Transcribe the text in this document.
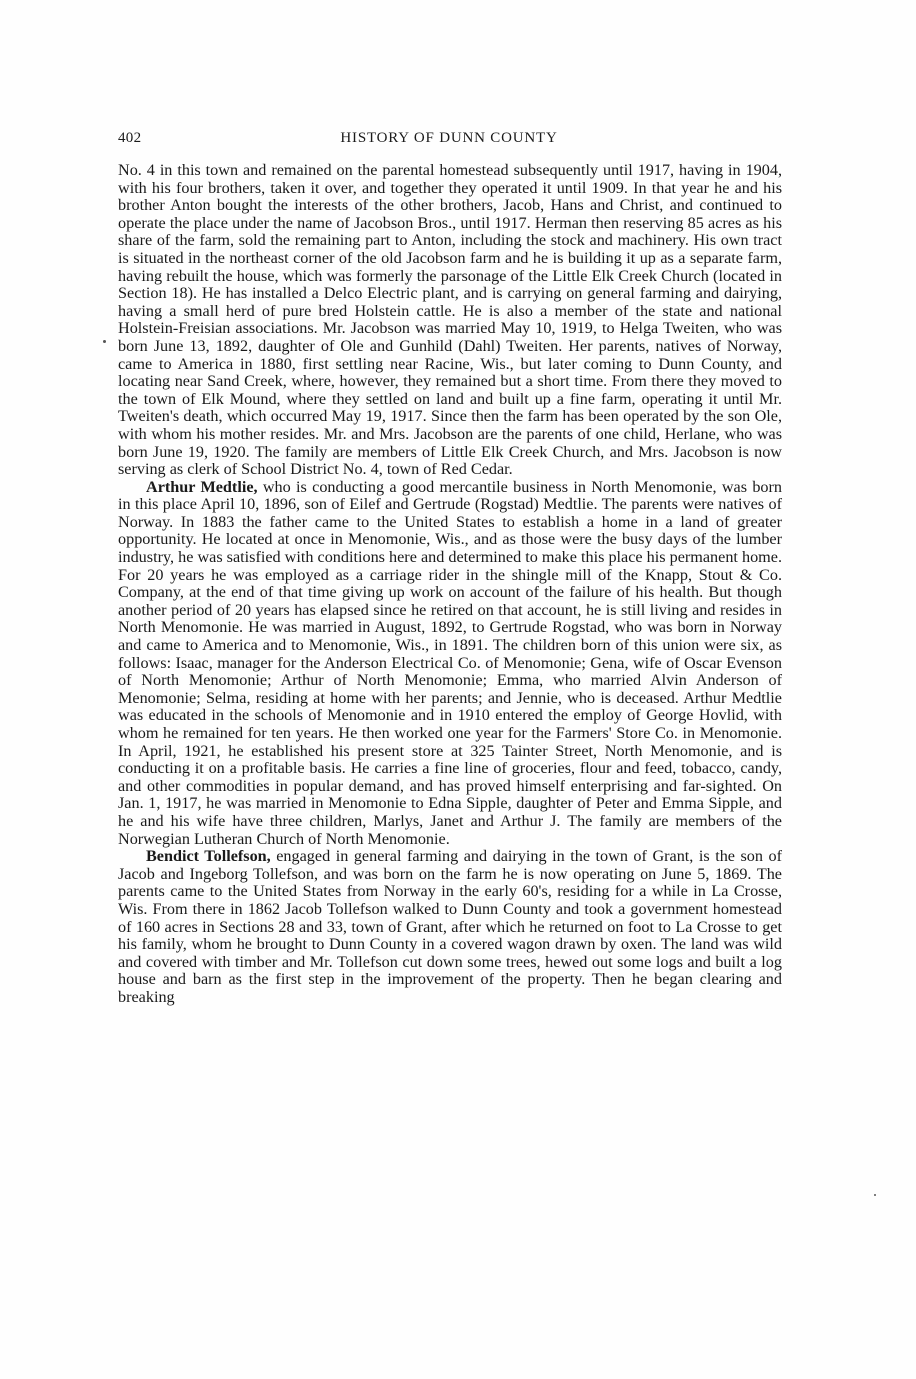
402	HISTORY OF DUNN COUNTY

No. 4 in this town and remained on the parental homestead subsequently until 1917, having in 1904, with his four brothers, taken it over, and together they operated it until 1909. In that year he and his brother Anton bought the interests of the other brothers, Jacob, Hans and Christ, and continued to operate the place under the name of Jacobson Bros., until 1917. Herman then reserving 85 acres as his share of the farm, sold the remaining part to Anton, including the stock and machinery. His own tract is situated in the northeast corner of the old Jacobson farm and he is building it up as a separate farm, having rebuilt the house, which was formerly the parsonage of the Little Elk Creek Church (located in Section 18). He has installed a Delco Electric plant, and is carrying on general farming and dairying, having a small herd of pure bred Holstein cattle. He is also a member of the state and national Holstein-Freisian associations. Mr. Jacobson was married May 10, 1919, to Helga Tweiten, who was born June 13, 1892, daughter of Ole and Gunhild (Dahl) Tweiten. Her parents, natives of Norway, came to America in 1880, first settling near Racine, Wis., but later coming to Dunn County, and locating near Sand Creek, where, however, they remained but a short time. From there they moved to the town of Elk Mound, where they settled on land and built up a fine farm, operating it until Mr. Tweiten's death, which occurred May 19, 1917. Since then the farm has been operated by the son Ole, with whom his mother resides. Mr. and Mrs. Jacobson are the parents of one child, Herlane, who was born June 19, 1920. The family are members of Little Elk Creek Church, and Mrs. Jacobson is now serving as clerk of School District No. 4, town of Red Cedar.

Arthur Medtlie, who is conducting a good mercantile business in North Menomonie, was born in this place April 10, 1896, son of Eilef and Gertrude (Rogstad) Medtlie. The parents were natives of Norway. In 1883 the father came to the United States to establish a home in a land of greater opportunity. He located at once in Menomonie, Wis., and as those were the busy days of the lumber industry, he was satisfied with conditions here and determined to make this place his permanent home. For 20 years he was employed as a carriage rider in the shingle mill of the Knapp, Stout & Co. Company, at the end of that time giving up work on account of the failure of his health. But though another period of 20 years has elapsed since he retired on that account, he is still living and resides in North Menomonie. He was married in August, 1892, to Gertrude Rogstad, who was born in Norway and came to America and to Menomonie, Wis., in 1891. The children born of this union were six, as follows: Isaac, manager for the Anderson Electrical Co. of Menomonie; Gena, wife of Oscar Evenson of North Menomonie; Arthur of North Menomonie; Emma, who married Alvin Anderson of Menomonie; Selma, residing at home with her parents; and Jennie, who is deceased. Arthur Medtlie was educated in the schools of Menomonie and in 1910 entered the employ of George Hovlid, with whom he remained for ten years. He then worked one year for the Farmers' Store Co. in Menomonie. In April, 1921, he established his present store at 325 Tainter Street, North Menomonie, and is conducting it on a profitable basis. He carries a fine line of groceries, flour and feed, tobacco, candy, and other commodities in popular demand, and has proved himself enterprising and far-sighted. On Jan. 1, 1917, he was married in Menomonie to Edna Sipple, daughter of Peter and Emma Sipple, and he and his wife have three children, Marlys, Janet and Arthur J. The family are members of the Norwegian Lutheran Church of North Menomonie.

Bendict Tollefson, engaged in general farming and dairying in the town of Grant, is the son of Jacob and Ingeborg Tollefson, and was born on the farm he is now operating on June 5, 1869. The parents came to the United States from Norway in the early 60's, residing for a while in La Crosse, Wis. From there in 1862 Jacob Tollefson walked to Dunn County and took a government homestead of 160 acres in Sections 28 and 33, town of Grant, after which he returned on foot to La Crosse to get his family, whom he brought to Dunn County in a covered wagon drawn by oxen. The land was wild and covered with timber and Mr. Tollefson cut down some trees, hewed out some logs and built a log house and barn as the first step in the improvement of the property. Then he began clearing and breaking
